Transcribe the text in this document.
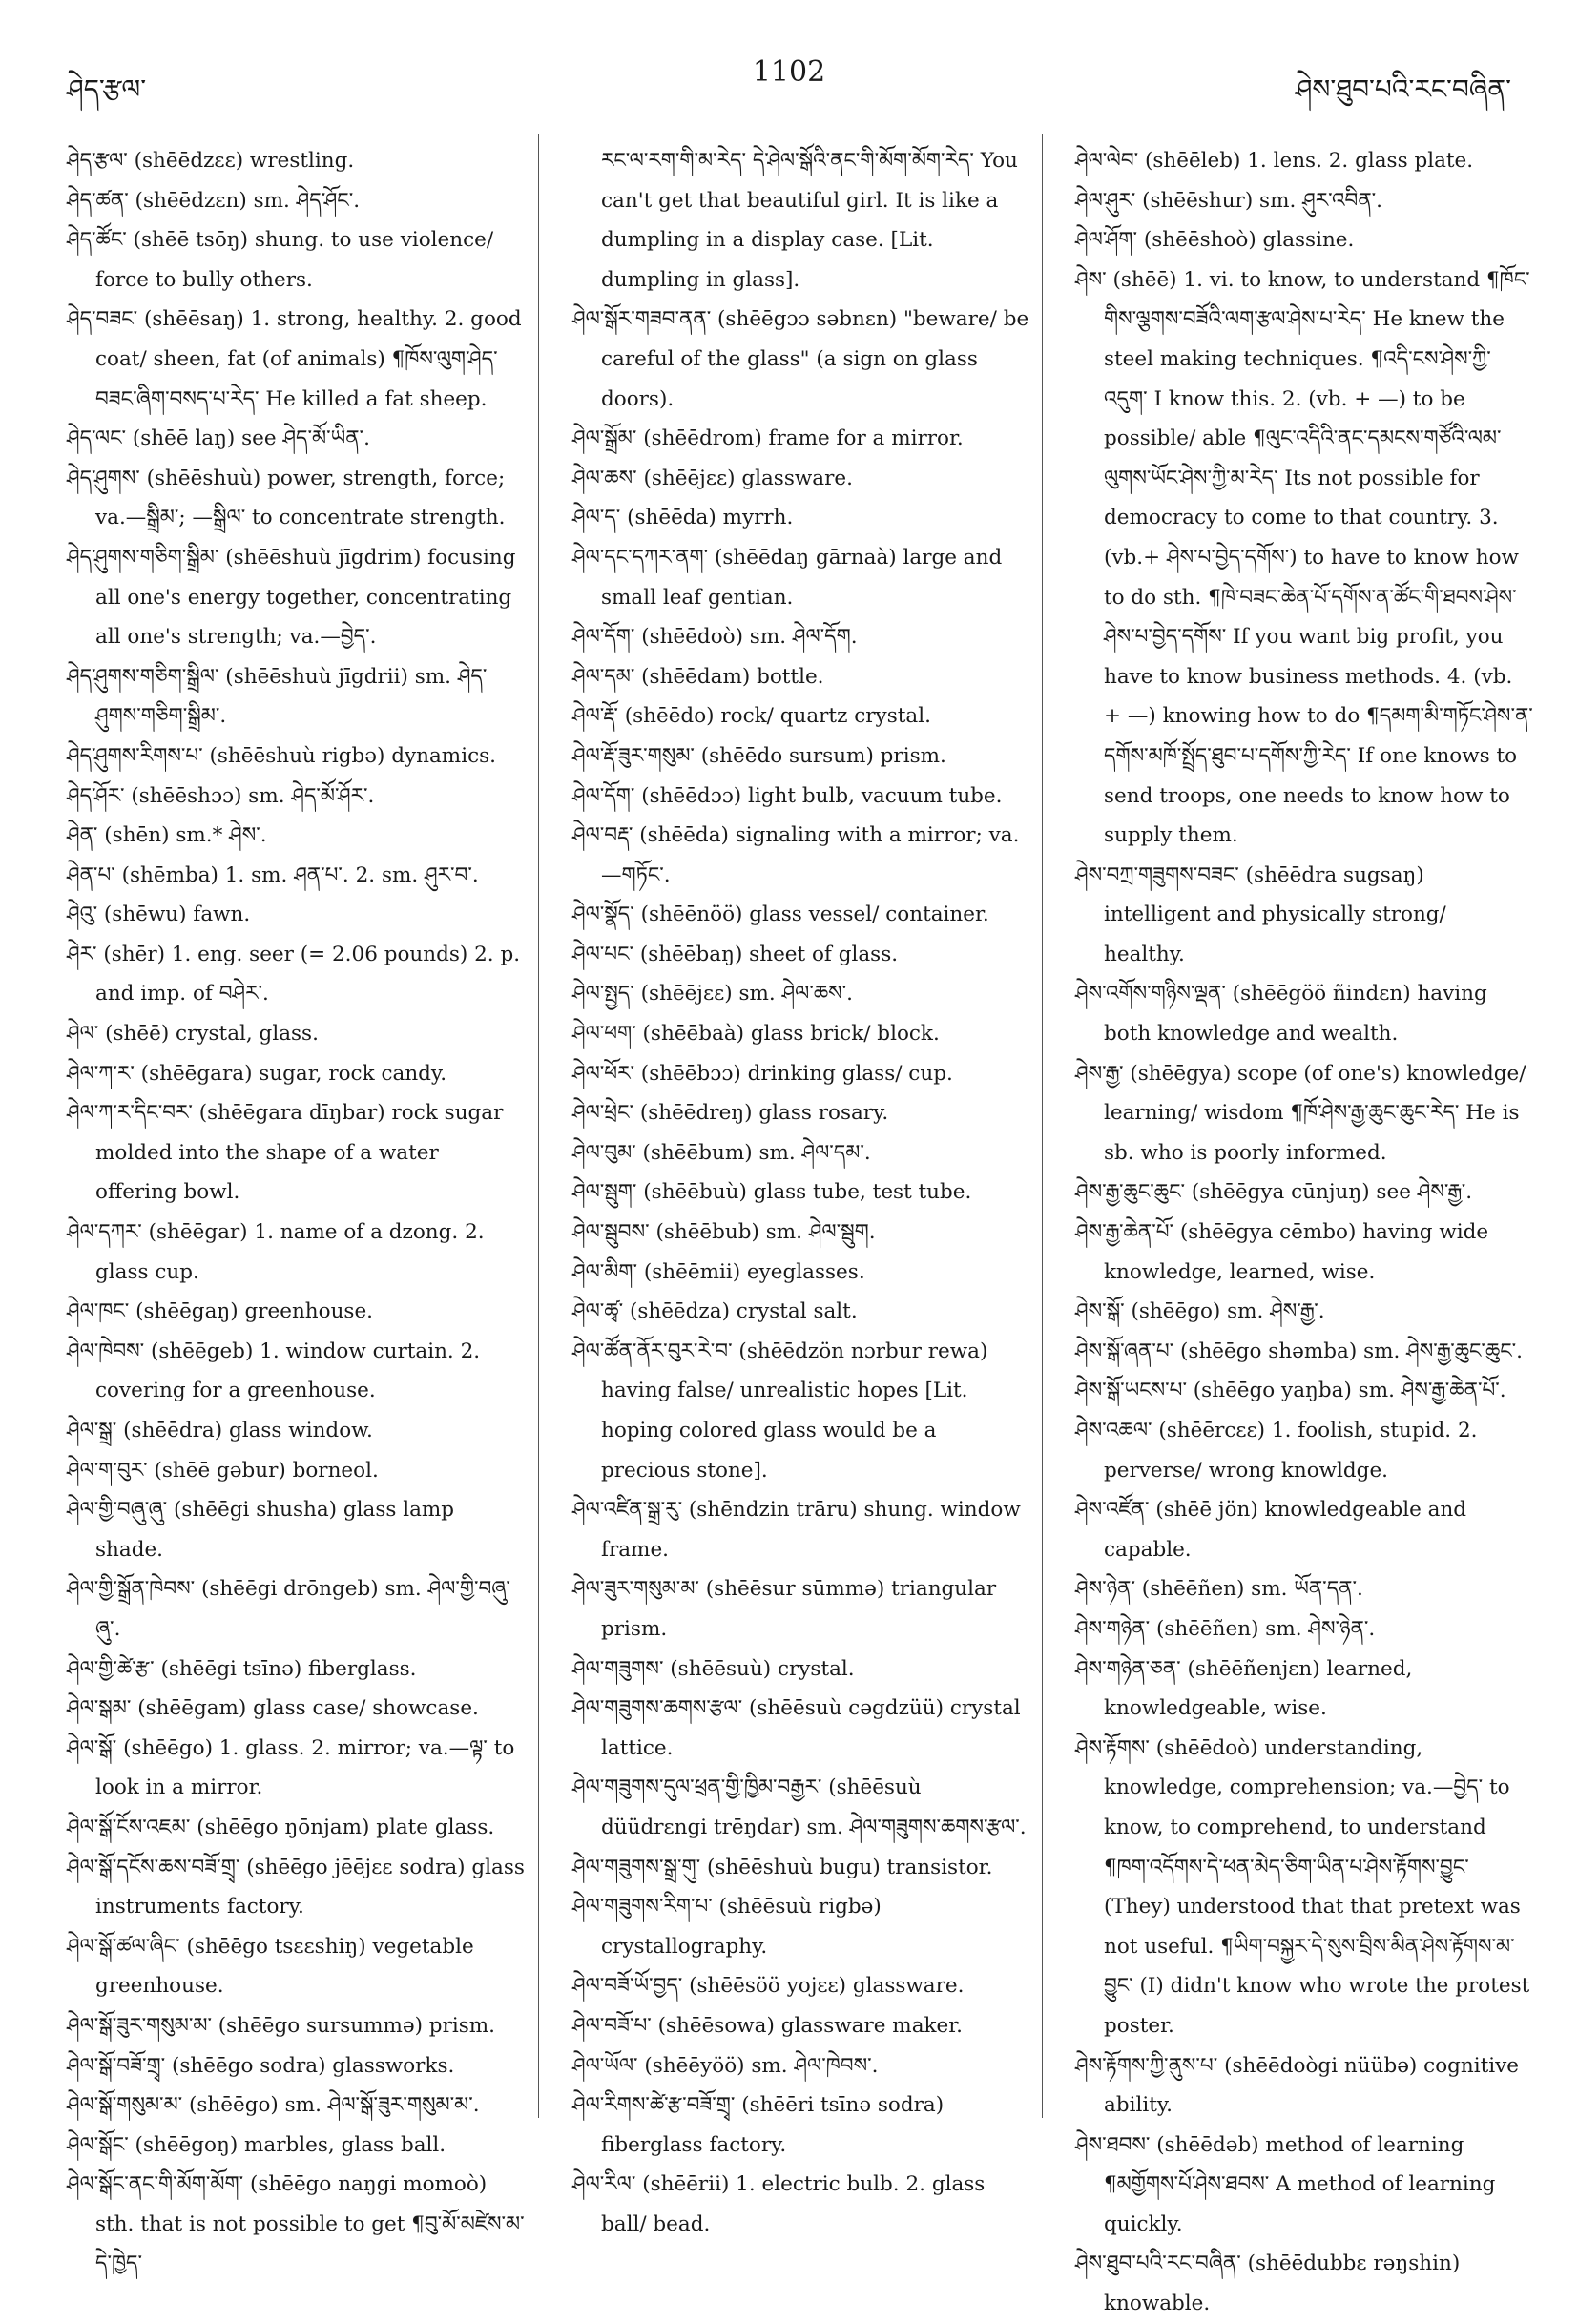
ཤེད་རྩལ་
1102
ཤེས་ཐུབ་པའི་རང་བཞིན་
ཤེད་རྩལ་ (shēēdzεε) wrestling.
ཤེད་ཚན་ (shēēdzεn) sm. ཤེད་ཤོང་.
ཤེད་ཚོང་ (shēē tsōŋ) shung. to use violence/ force to bully others.
ཤེད་བཟང་ (shēēsaŋ) 1. strong, healthy. 2. good coat/ sheen, fat (of animals) ¶ཁོས་ལུག་ཤེད་བཟང་ཞིག་བསད་པ་རེད་ He killed a fat sheep.
ཤེད་ལང་ (shēē laŋ) see ཤེད་མོ་ཡིན་.
ཤེད་ཤུགས་ (shēēshuù) power, strength, force; va.—སྒྲིམ་; —སྒྲིལ་ to concentrate strength.
ཤེད་ཤུགས་གཅིག་སྒྲིམ་ (shēēshuù jīgdrim) focusing all one's energy together, concentrating all one's strength; va.—བྱེད་.
ཤེད་ཤུགས་གཅིག་སྒྲིལ་ (shēēshuù jīgdrii) sm. ཤེད་ཤུགས་གཅིག་སྒྲིམ་.
ཤེད་ཤུགས་རིགས་པ་ (shēēshuù rigbə) dynamics.
ཤེད་ཤོར་ (shēēshɔɔ) sm. ཤེད་མོ་ཤོར་.
ཤེན་ (shēn) sm.* ཤེས་.
ཤེན་པ་ (shēmba) 1. sm. ཤན་པ་. 2. sm. ཤུར་བ་.
ཤེའུ་ (shēwu) fawn.
ཤེར་ (shēr) 1. eng. seer (= 2.06 pounds) 2. p. and imp. of བཤེར་.
ཤེལ་ (shēē) crystal, glass.
ཤེལ་ཀ་ར་ (shēēgara) sugar, rock candy.
ཤེལ་ཀ་ར་དིང་བར་ (shēēgara dīŋbar) rock sugar molded into the shape of a water offering bowl.
ཤེལ་དཀར་ (shēēgar) 1. name of a dzong. 2. glass cup.
ཤེལ་ཁང་ (shēēgaŋ) greenhouse.
ཤེལ་ཁེབས་ (shēēgeb) 1. window curtain. 2. covering for a greenhouse.
ཤེལ་སྒྲ་ (shēēdra) glass window.
ཤེལ་ག་བུར་ (shēē gəbur) borneol.
ཤེལ་གྱི་བཞུ་ཞུ་ (shēēgi shusha) glass lamp shade.
ཤེལ་གྱི་སྒྲོན་ཁེབས་ (shēēgi drōngeb) sm. ཤེལ་གྱི་བཞུ་ཞུ་.
ཤེལ་གྱི་ཚེ་རྩ་ (shēēgi tsīnə) fiberglass.
ཤེལ་སྒམ་ (shēēgam) glass case/ showcase.
ཤེལ་སྒོ་ (shēēgo) 1. glass. 2. mirror; va.—ལྟ་ to look in a mirror.
ཤེལ་སྒོ་ངོས་འཇམ་ (shēēgo ŋōnjam) plate glass.
ཤེལ་སྒོ་དངོས་ཆས་བཟོ་གྲྭ་ (shēēgo jēējεε sodra) glass instruments factory.
ཤེལ་སྒོ་ཚལ་ཞིང་ (shēēgo tsεεshiŋ) vegetable greenhouse.
ཤེལ་སྒོ་ཟུར་གསུམ་མ་ (shēēgo sursummə) prism.
ཤེལ་སྒོ་བཟོ་གྲྭ་ (shēēgo sodra) glassworks.
ཤེལ་སྒོ་གསུམ་མ་ (shēēgo) sm. ཤེལ་སྒོ་ཟུར་གསུམ་མ་.
ཤེལ་སྒོང་ (shēēgoŋ) marbles, glass ball.
ཤེལ་སྒོང་ནང་གི་མོག་མོག་ (shēēgo naŋgi momoò) sth. that is not possible to get ¶བུ་མོ་མཛེས་མ་དེ་ཁྱེད་
རང་ལ་རག་གི་མ་རེད་ དེ་ཤེལ་སྒོའི་ནང་གི་མོག་མོག་རེད་ You can't get that beautiful girl. It is like a dumpling in a display case. [Lit. dumpling in glass].
ཤེལ་སྒོར་གཟབ་ནན་ (shēēgɔɔ səbnεn) "beware/ be careful of the glass" (a sign on glass doors).
ཤེལ་སྒྲོམ་ (shēēdrom) frame for a mirror.
ཤེལ་ཆས་ (shēējεε) glassware.
ཤེལ་ད་ (shēēda) myrrh.
ཤེལ་དང་དཀར་ནག་ (shēēdaŋ gārnaà) large and small leaf gentian.
ཤེལ་དོག་ (shēēdoò) sm. ཤེལ་དོག.
ཤེལ་དམ་ (shēēdam) bottle.
ཤེལ་རྡོ་ (shēēdo) rock/ quartz crystal.
ཤེལ་རྡོ་ཟུར་གསུམ་ (shēēdo sursum) prism.
ཤེལ་དོག་ (shēēdɔɔ) light bulb, vacuum tube.
ཤེལ་བརྡ་ (shēēda) signaling with a mirror; va.—གཏོང་.
ཤེལ་སྣོད་ (shēēnöö) glass vessel/ container.
ཤེལ་པང་ (shēēbaŋ) sheet of glass.
ཤེལ་སྤྱད་ (shēējεε) sm. ཤེལ་ཆས་.
ཤེལ་ཕག་ (shēēbaà) glass brick/ block.
ཤེལ་ཕོར་ (shēēbɔɔ) drinking glass/ cup.
ཤེལ་ཕྲེང་ (shēēdreŋ) glass rosary.
ཤེལ་བུམ་ (shēēbum) sm. ཤེལ་དམ་.
ཤེལ་སྦུག་ (shēēbuù) glass tube, test tube.
ཤེལ་སྦུབས་ (shēēbub) sm. ཤེལ་སྦུག.
ཤེལ་མིག་ (shēēmii) eyeglasses.
ཤེལ་ཚྭ་ (shēēdza) crystal salt.
ཤེལ་ཚོན་ནོར་བུར་རེ་བ་ (shēēdzön nɔrbur rewa) having false/ unrealistic hopes [Lit. hoping colored glass would be a precious stone].
ཤེལ་འཛིན་སྒྲ་རུ་ (shēndzin trāru) shung. window frame.
ཤེལ་ཟུར་གསུམ་མ་ (shēēsur sūmmə) triangular prism.
ཤེལ་གཟུགས་ (shēēsuù) crystal.
ཤེལ་གཟུགས་ཆགས་རྩལ་ (shēēsuù cəgdzüü) crystal lattice.
ཤེལ་གཟུགས་དུལ་ཕྲན་གྱི་ཁྱིམ་བརྒྱར་ (shēēsuù düüdrεngi trēŋdar) sm. ཤེལ་གཟུགས་ཆགས་རྩལ་.
ཤེལ་གཟུགས་སྒྲ་གུ་ (shēēshuù bugu) transistor.
ཤེལ་གཟུགས་རིག་པ་ (shēēsuù rigbə) crystallography.
ཤེལ་བཟོ་ཡོ་བྱད་ (shēēsöö yojεε) glassware.
ཤེལ་བཟོ་པ་ (shēēsowa) glassware maker.
ཤེལ་ཡོལ་ (shēēyöö) sm. ཤེལ་ཁེབས་.
ཤེལ་རིགས་ཚེ་རྩ་བཟོ་གྲྭ་ (shēēri tsīnə sodra) fiberglass factory.
ཤེལ་རིལ་ (shēērii) 1. electric bulb. 2. glass ball/ bead.
ཤེལ་ལེབ་ (shēēleb) 1. lens. 2. glass plate.
ཤེལ་ཤུར་ (shēēshur) sm. ཤུར་འབིན་.
ཤེལ་ཤོག་ (shēēshoò) glassine.
ཤེས་ (shēē) 1. vi. to know, to understand ¶ཁོང་གིས་ལྕགས་བཟོའི་ལག་རྩལ་ཤེས་པ་རེད་ He knew the steel making techniques. ¶འདི་ངས་ཤེས་ཀྱི་འདུག་ I know this. 2. (vb. + —) to be possible/ able ¶ལུང་འདིའི་ནང་དམངས་གཙོའི་ལམ་ལུགས་ཡོང་ཤེས་ཀྱི་མ་རེད་ Its not possible for democracy to come to that country. 3. (vb.+ ཤེས་པ་བྱེད་དགོས་) to have to know how to do sth. ¶ཁེ་བཟང་ཆེན་པོ་དགོས་ན་ཚོང་གི་ཐབས་ཤེས་ཤེས་པ་བྱེད་དགོས་ If you want big profit, you have to know business methods. 4. (vb. + —) knowing how to do ¶དམག་མི་གཏོང་ཤེས་ན་དགོས་མཁོ་སྤྲོད་ཐུབ་པ་དགོས་ཀྱི་རེད་ If one knows to send troops, one needs to know how to supply them.
ཤེས་བཀྲ་གཟུགས་བཟང་ (shēēdra sugsaŋ) intelligent and physically strong/ healthy.
ཤེས་འགོས་གཉིས་ལྡན་ (shēēgöö ñindεn) having both knowledge and wealth.
ཤེས་རྒྱ་ (shēēgya) scope (of one's) knowledge/ learning/ wisdom ¶ཁོ་ཤེས་རྒྱ་ཆུང་ཆུང་རེད་ He is sb. who is poorly informed.
ཤེས་རྒྱ་ཆུང་ཆུང་ (shēēgya cūnjuŋ) see ཤེས་རྒྱ་.
ཤེས་རྒྱ་ཆེན་པོ་ (shēēgya cēmbo) having wide knowledge, learned, wise.
ཤེས་སྒོ་ (shēēgo) sm. ཤེས་རྒྱ་.
ཤེས་སྒོ་ཞན་པ་ (shēēgo shəmba) sm. ཤེས་རྒྱ་ཆུང་ཆུང་.
ཤེས་སྒོ་ཡངས་པ་ (shēēgo yaŋba) sm. ཤེས་རྒྱ་ཆེན་པོ་.
ཤེས་འཆལ་ (shēērcεε) 1. foolish, stupid. 2. perverse/ wrong knowldge.
ཤེས་འཛོན་ (shēē jön) knowledgeable and capable.
ཤེས་ཉེན་ (shēēñen) sm. ཡོན་དན་.
ཤེས་གཉེན་ (shēēñen) sm. ཤེས་ཉེན་.
ཤེས་གཉེན་ཅན་ (shēēñenjεn) learned, knowledgeable, wise.
ཤེས་རྟོགས་ (shēēdoò) understanding, knowledge, comprehension; va.—བྱེད་ to know, to comprehend, to understand ¶ཁག་འདོགས་དེ་ཕན་མེད་ཅིག་ཡིན་པ་ཤེས་རྟོགས་བྱུང་ (They) understood that that pretext was not useful. ¶ཡིག་བསྐྱར་དེ་སུས་བྲིས་མིན་ཤེས་རྟོགས་མ་བྱུང་ (I) didn't know who wrote the protest poster.
ཤེས་རྟོགས་ཀྱི་ནུས་པ་ (shēēdoògi nüübə) cognitive ability.
ཤེས་ཐབས་ (shēēdəb) method of learning ¶མགྱོགས་པོ་ཤེས་ཐབས་ A method of learning quickly.
ཤེས་ཐུབ་པའི་རང་བཞིན་ (shēēdubbε rəŋshin) knowable.
